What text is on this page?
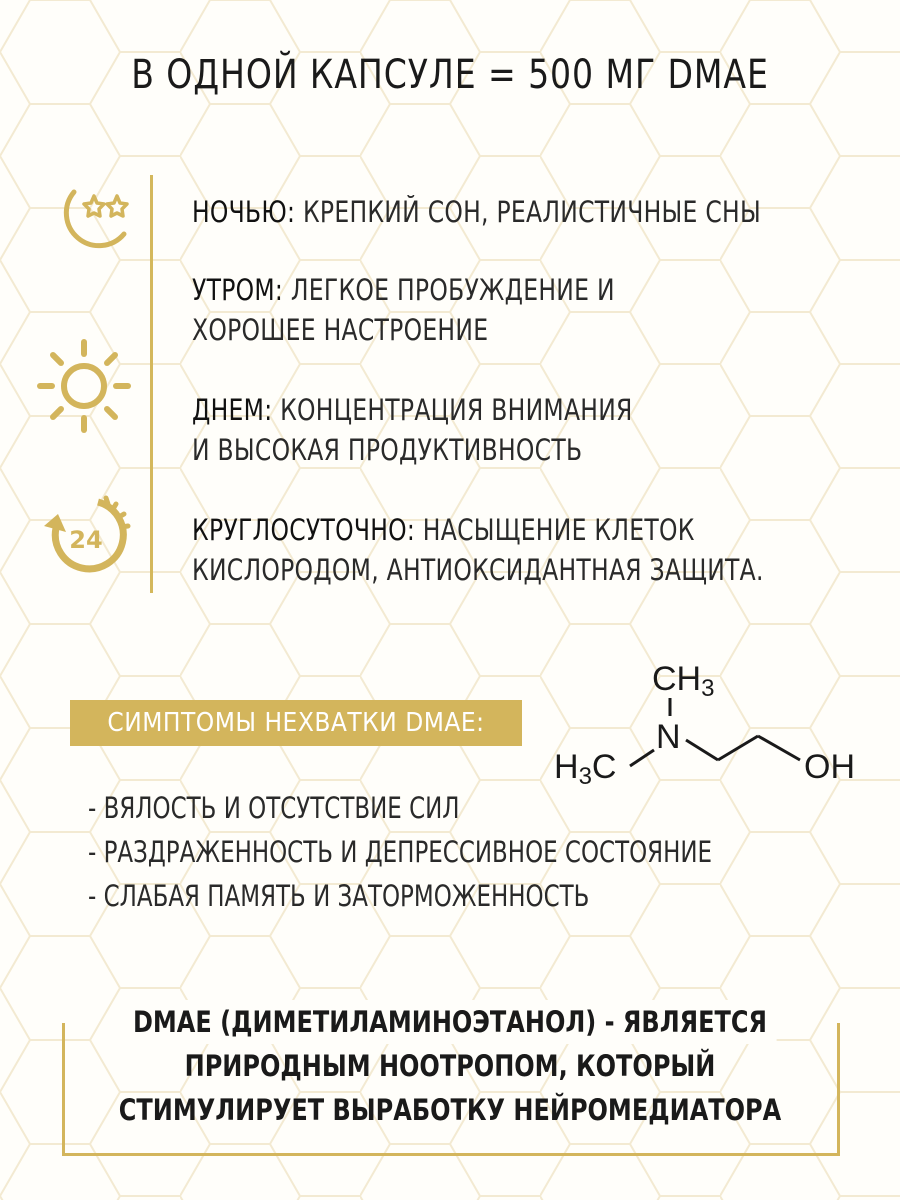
В ОДНОЙ КАПСУЛЕ = 500 МГ DMAE
24
НОЧЬЮ: КРЕПКИЙ СОН, РЕАЛИСТИЧНЫЕ СНЫ
УТРОМ: ЛЕГКОЕ ПРОБУЖДЕНИЕ И
ХОРОШЕЕ НАСТРОЕНИЕ
ДНЕМ: КОНЦЕНТРАЦИЯ ВНИМАНИЯ
И ВЫСОКАЯ ПРОДУКТИВНОСТЬ
КРУГЛОСУТОЧНО: НАСЫЩЕНИЕ КЛЕТОК
КИСЛОРОДОМ, АНТИОКСИДАНТНАЯ ЗАЩИТА.
СИМПТОМЫ НЕХВАТКИ DMAE:
CH3
N
H3C	OH
- ВЯЛОСТЬ И ОТСУТСТВИЕ СИЛ
- РАЗДРАЖЕННОСТЬ И ДЕПРЕССИВНОЕ СОСТОЯНИЕ
- СЛАБАЯ ПАМЯТЬ И ЗАТОРМОЖЕННОСТЬ
DMAE (ДИМЕТИЛАМИНОЭТАНОЛ) - ЯВЛЯЕТСЯ
ПРИРОДНЫМ НООТРОПОМ, КОТОРЫЙ
СТИМУЛИРУЕТ ВЫРАБОТКУ НЕЙРОМЕДИАТОРА
